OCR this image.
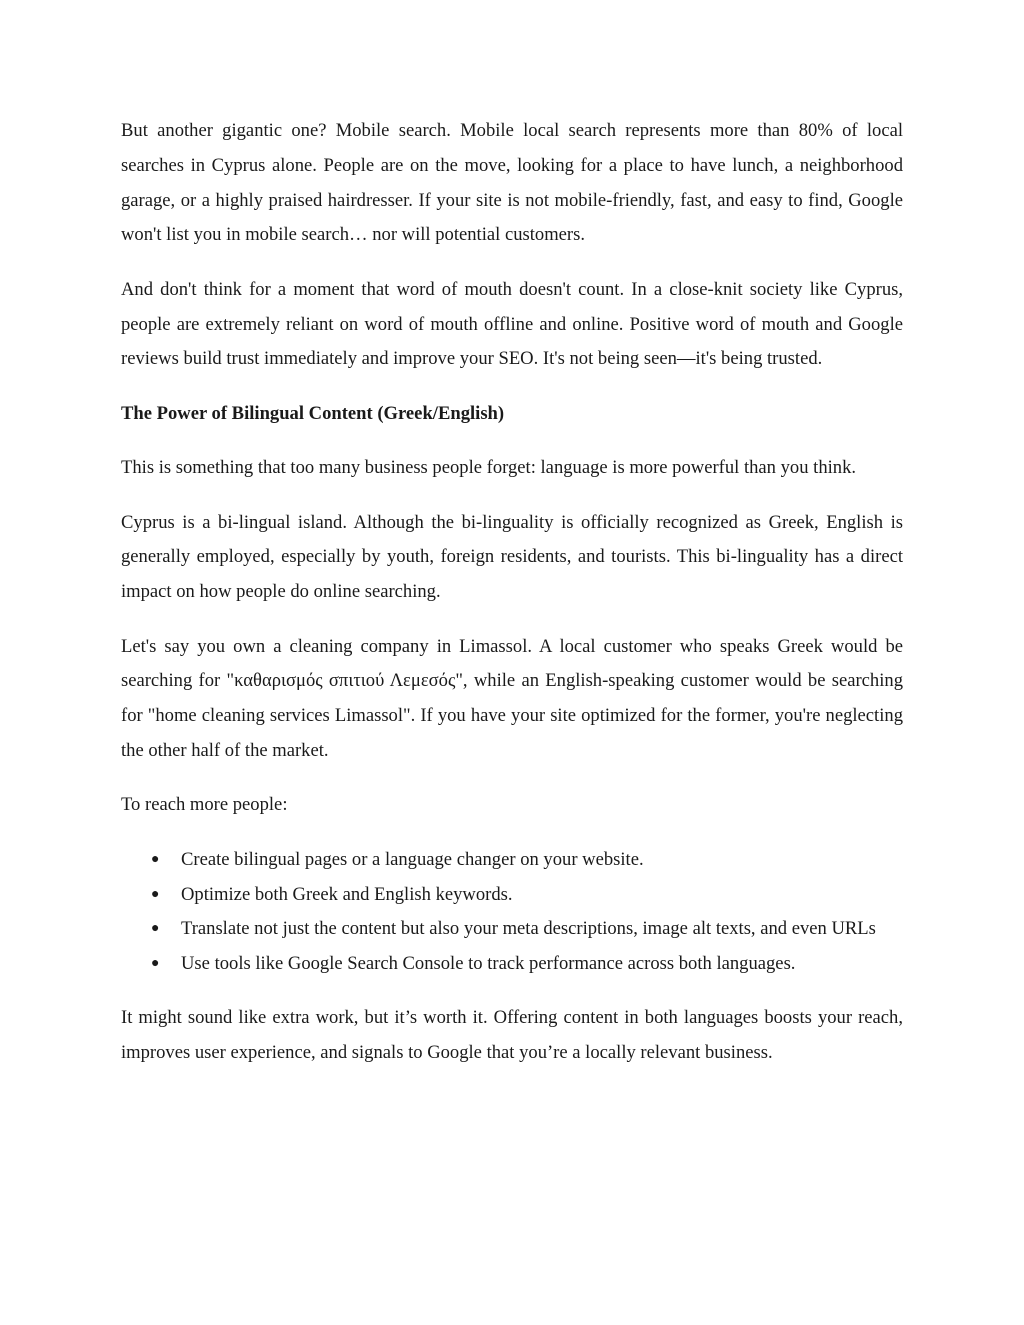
But another gigantic one? Mobile search. Mobile local search represents more than 80% of local searches in Cyprus alone. People are on the move, looking for a place to have lunch, a neighborhood garage, or a highly praised hairdresser. If your site is not mobile-friendly, fast, and easy to find, Google won't list you in mobile search… nor will potential customers.

And don't think for a moment that word of mouth doesn't count. In a close-knit society like Cyprus, people are extremely reliant on word of mouth offline and online. Positive word of mouth and Google reviews build trust immediately and improve your SEO. It's not being seen—it's being trusted.

The Power of Bilingual Content (Greek/English)

This is something that too many business people forget: language is more powerful than you think.

Cyprus is a bi-lingual island. Although the bi-linguality is officially recognized as Greek, English is generally employed, especially by youth, foreign residents, and tourists. This bi-linguality has a direct impact on how people do online searching.

Let's say you own a cleaning company in Limassol. A local customer who speaks Greek would be searching for "καθαρισμός σπιτιού Λεμεσός", while an English-speaking customer would be searching for "home cleaning services Limassol". If you have your site optimized for the former, you're neglecting the other half of the market.

To reach more people:

● Create bilingual pages or a language changer on your website.
● Optimize both Greek and English keywords.
● Translate not just the content but also your meta descriptions, image alt texts, and even URLs
● Use tools like Google Search Console to track performance across both languages.

It might sound like extra work, but it’s worth it. Offering content in both languages boosts your reach, improves user experience, and signals to Google that you’re a locally relevant business.
